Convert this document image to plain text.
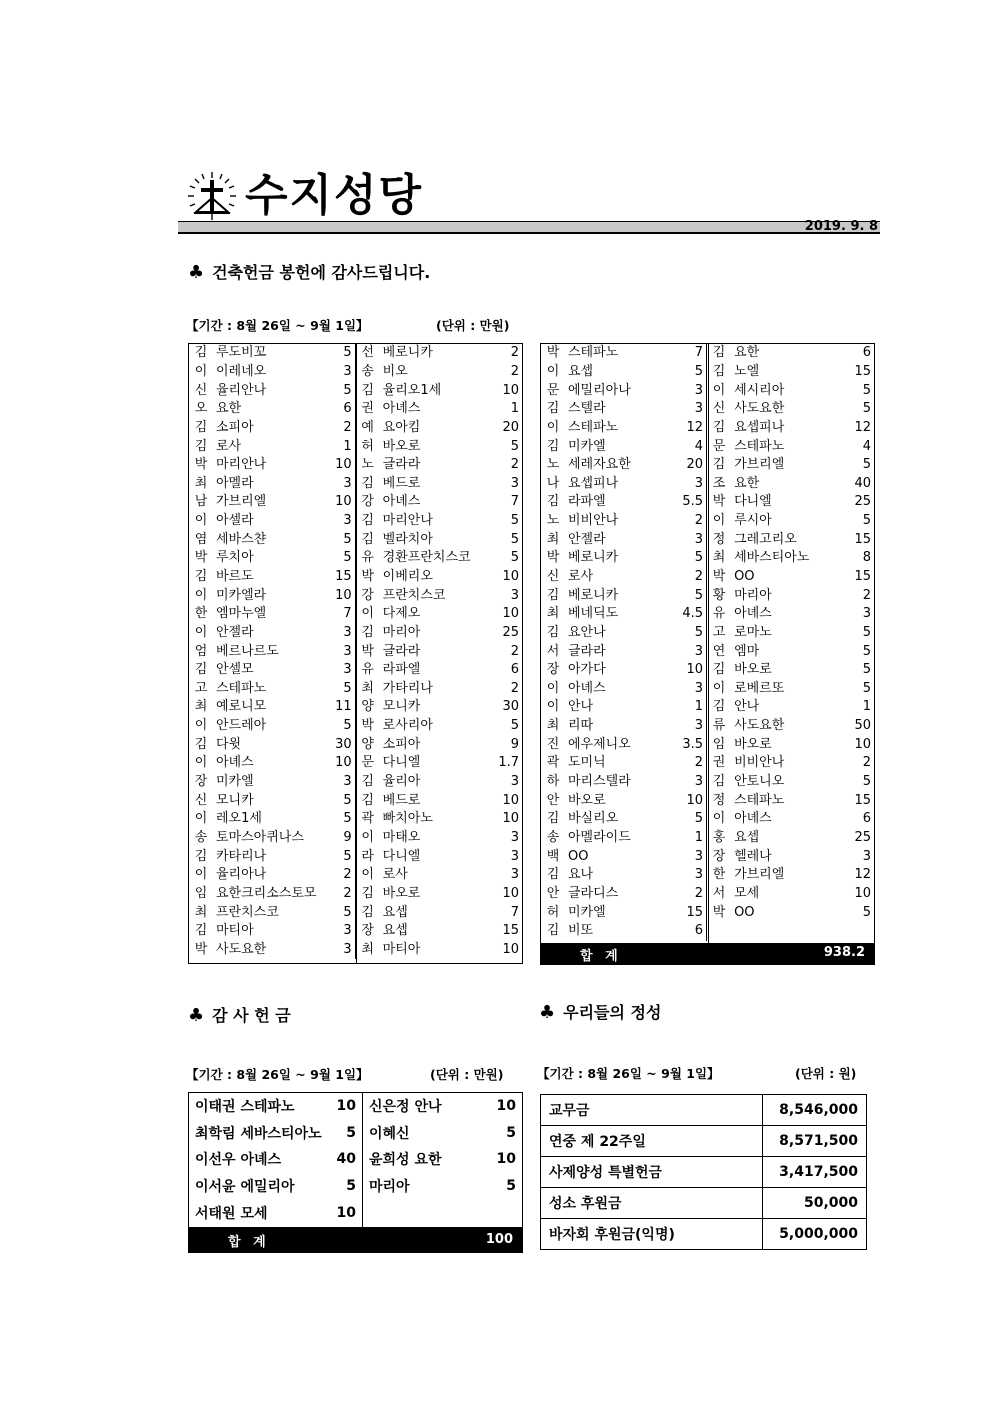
수지성당
2019. 9. 8
♣ 건축헌금 봉헌에 감사드립니다.
【기간 : 8월 26일 ~ 9월 1일】	(단위 : 만원)
김	루도비꼬	5	선	베로니카	2
이	이레네오	3	송	비오	2
신	율리안나	5	김	율리오1세	10
오	요한	6	권	아녜스	1
김	소피아	2	예	요아킴	20
김	로사	1	허	바오로	5
박	마리안나	10	노	글라라	2
최	아멜라	3	김	베드로	3
남	가브리엘	10	강	아녜스	7
이	아셀라	3	김	마리안나	5
염	세바스챤	5	김	벨라치아	5
박	루치아	5	유	경환프란치스코	5
김	바르도	15	박	이베리오	10
이	미카엘라	10	강	프란치스코	3
한	엠마누엘	7	이	다제오	10
이	안젤라	3	김	마리아	25
엄	베르나르도	3	박	글라라	2
김	안셀모	3	유	라파엘	6
고	스테파노	5	최	가타리나	2
최	예로니모	11	양	모니카	30
이	안드레아	5	박	로사리아	5
김	다윗	30	양	소피아	9
이	아녜스	10	문	다니엘	1.7
장	미카엘	3	김	율리아	3
신	모니카	5	김	베드로	10
이	레오1세	5	곽	빠치아노	10
송	토마스아퀴나스	9	이	마태오	3
김	카타리나	5	라	다니엘	3
이	율리아나	2	이	로사	3
임	요한크리소스토모	2	김	바오로	10
최	프란치스코	5	김	요셉	7
김	마티아	3	장	요셉	15
박	사도요한	3	최	마티아	10
박	스테파노	7	김	요한	6
이	요셉	5	김	노엘	15
문	에밀리아나	3	이	세시리아	5
김	스텔라	3	신	사도요한	5
이	스테파노	12	김	요셉피나	12
김	미카엘	4	문	스테파노	4
노	세레자요한	20	김	가브리엘	5
나	요셉피나	3	조	요한	40
김	라파엘	5.5	박	다니엘	25
노	비비안나	2	이	루시아	5
최	안젤라	3	정	그레고리오	15
박	베로니카	5	최	세바스티아노	8
신	로사	2	박	OO	15
김	베로니카	5	황	마리아	2
최	베네딕도	4.5	유	아녜스	3
김	요안나	5	고	로마노	5
서	글라라	3	연	엠마	5
장	아가다	10	김	바오로	5
이	아녜스	3	이	로베르또	5
이	안나	1	김	안나	1
최	리따	3	류	사도요한	50
진	에우제니오	3.5	임	바오로	10
곽	도미닉	2	권	비비안나	2
하	마리스텔라	3	김	안토니오	5
안	바오로	10	정	스테파노	15
김	바실리오	5	이	아녜스	6
송	아멜라이드	1	홍	요셉	25
백	OO	3	장	헬레나	3
김	요나	3	한	가브리엘	12
안	글라디스	2	서	모세	10
허	미카엘	15	박	OO	5
김	비또	6			
합 계	938.2
♣ 감 사 헌 금
【기간 : 8월 26일 ~ 9월 1일】	(단위 : 만원)
이태권 스테파노	10
최학림 세바스티아노	5
이선우 아녜스	40
이서윤 에밀리아	5
서태원 모세	10
신은정 안나	10
이혜신	5
윤희성 요한	10
마리아	5
합 계	100
♣ 우리들의 정성
【기간 : 8월 26일 ~ 9월 1일】	(단위 : 원)
교무금	8,546,000
연중 제 22주일	8,571,500
사제양성 특별헌금	3,417,500
성소 후원금	50,000
바자회 후원금(익명)	5,000,000
